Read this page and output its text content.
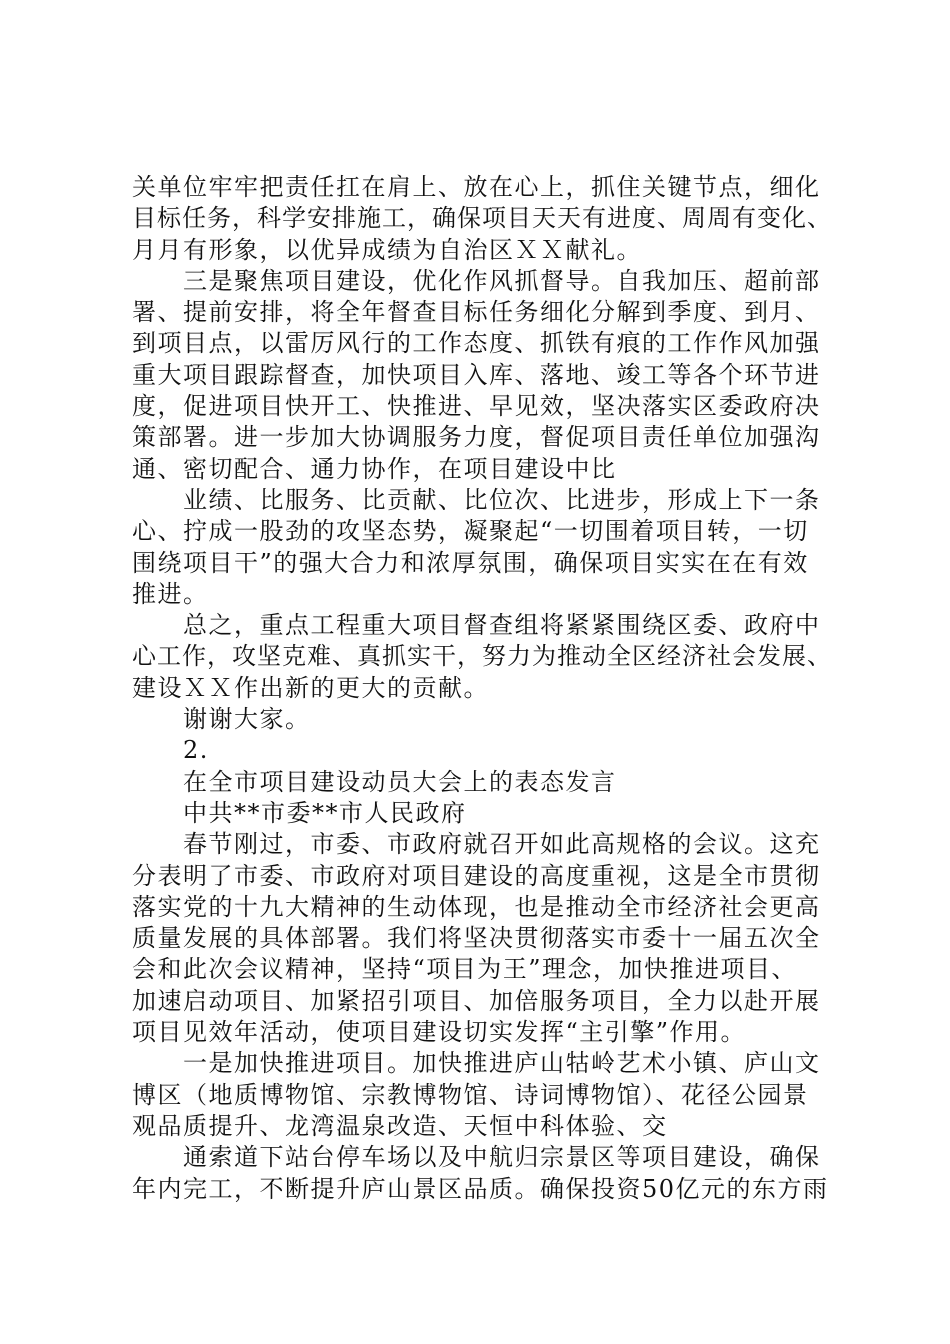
关单位牢牢把责任扛在肩上、放在心上，抓住关键节点，细化
目标任务，科学安排施工，确保项目天天有进度、周周有变化、
月月有形象，以优异成绩为自治区ＸＸ献礼。
三是聚焦项目建设，优化作风抓督导。自我加压、超前部
署、提前安排，将全年督查目标任务细化分解到季度、到月、
到项目点，以雷厉风行的工作态度、抓铁有痕的工作作风加强
重大项目跟踪督查，加快项目入库、落地、竣工等各个环节进
度，促进项目快开工、快推进、早见效，坚决落实区委政府决
策部署。进一步加大协调服务力度，督促项目责任单位加强沟
通、密切配合、通力协作，在项目建设中比
业绩、比服务、比贡献、比位次、比进步，形成上下一条
心、拧成一股劲的攻坚态势，凝聚起“一切围着项目转，一切
围绕项目干”的强大合力和浓厚氛围，确保项目实实在在有效
推进。
总之，重点工程重大项目督查组将紧紧围绕区委、政府中
心工作，攻坚克难、真抓实干，努力为推动全区经济社会发展、
建设ＸＸ作出新的更大的贡献。
谢谢大家。
2.
在全市项目建设动员大会上的表态发言
中共**市委**市人民政府
春节刚过，市委、市政府就召开如此高规格的会议。这充
分表明了市委、市政府对项目建设的高度重视，这是全市贯彻
落实党的十九大精神的生动体现，也是推动全市经济社会更高
质量发展的具体部署。我们将坚决贯彻落实市委十一届五次全
会和此次会议精神，坚持“项目为王”理念，加快推进项目、
加速启动项目、加紧招引项目、加倍服务项目，全力以赴开展
项目见效年活动，使项目建设切实发挥“主引擎”作用。
一是加快推进项目。加快推进庐山牯岭艺术小镇、庐山文
博区（地质博物馆、宗教博物馆、诗词博物馆）、花径公园景
观品质提升、龙湾温泉改造、天恒中科体验、交
通索道下站台停车场以及中航归宗景区等项目建设，确保
年内完工，不断提升庐山景区品质。确保投资50亿元的东方雨
